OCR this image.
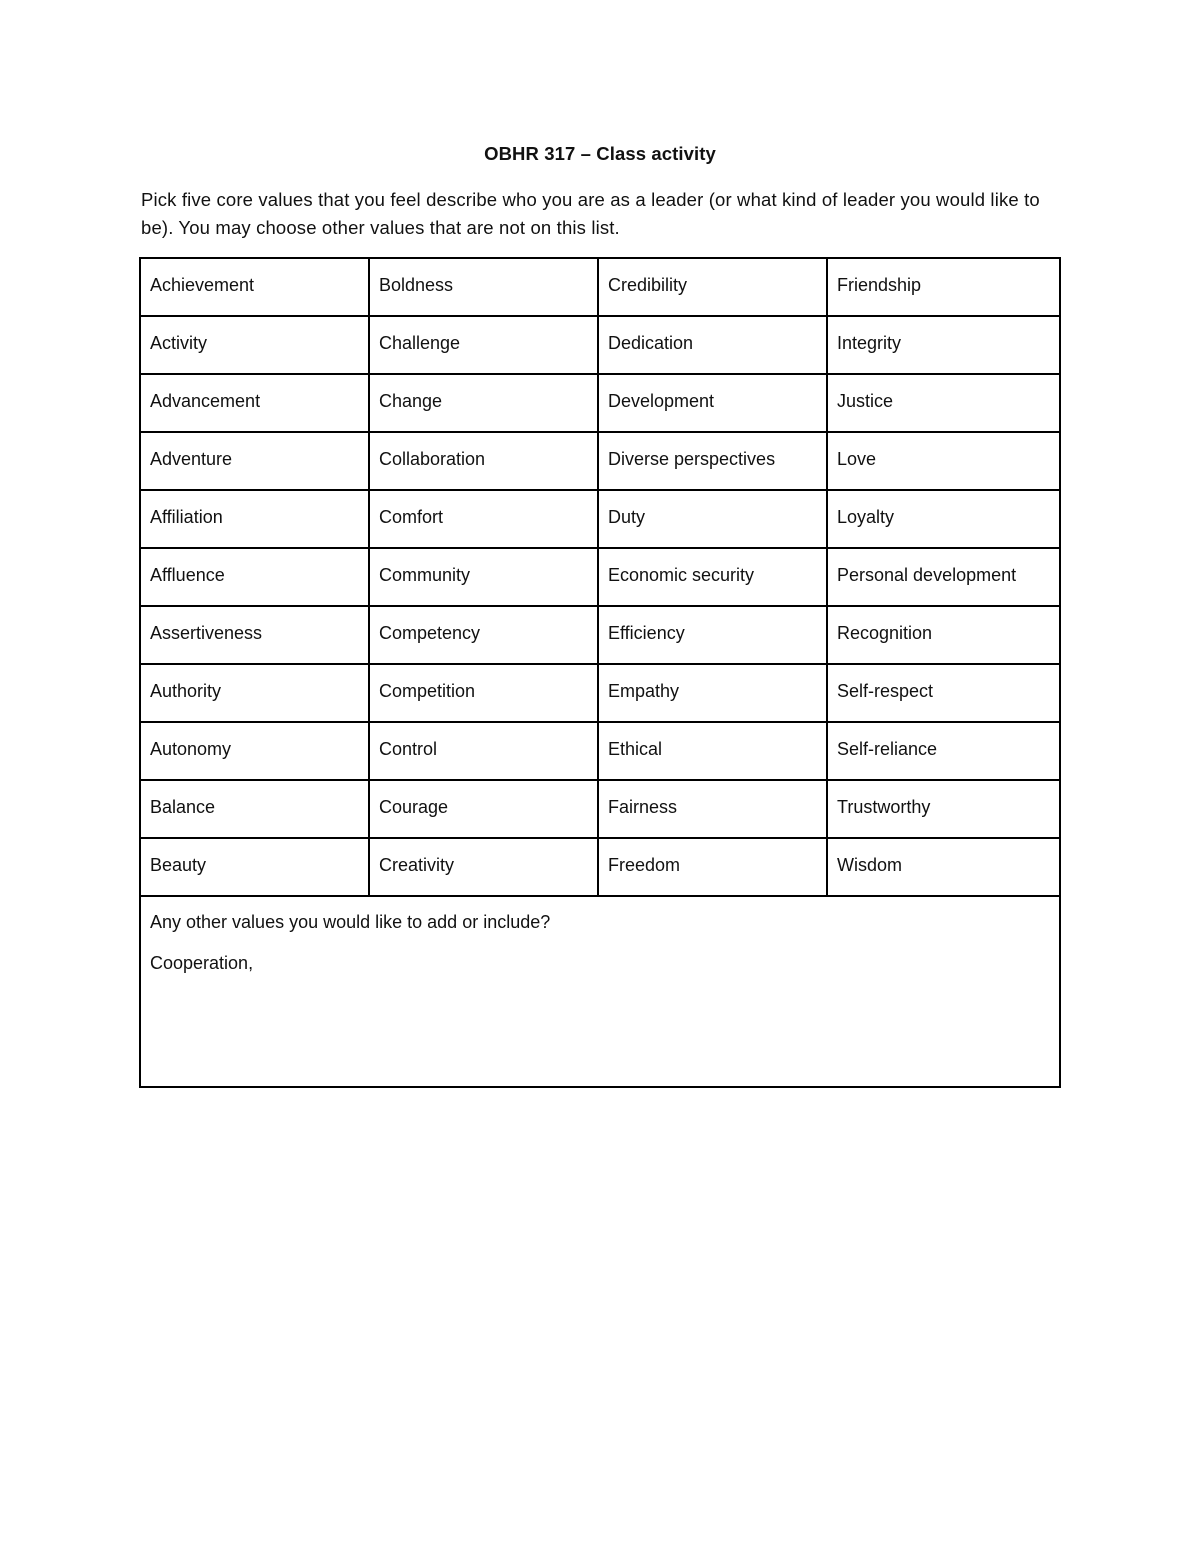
OBHR 317 – Class activity
Pick five core values that you feel describe who you are as a leader (or what kind of leader you would like to be). You may choose other values that are not on this list.
Achievement	Boldness	Credibility	Friendship

Activity	Challenge	Dedication	Integrity

Advancement	Change	Development	Justice

Adventure	Collaboration	Diverse perspectives	Love

Affiliation	Comfort	Duty	Loyalty

Affluence	Community	Economic security	Personal development

Assertiveness	Competency	Efficiency	Recognition

Authority	Competition	Empathy	Self-respect

Autonomy	Control	Ethical	Self-reliance

Balance	Courage	Fairness	Trustworthy

Beauty	Creativity	Freedom	Wisdom

Any other values you would like to add or include?
Cooperation,			
